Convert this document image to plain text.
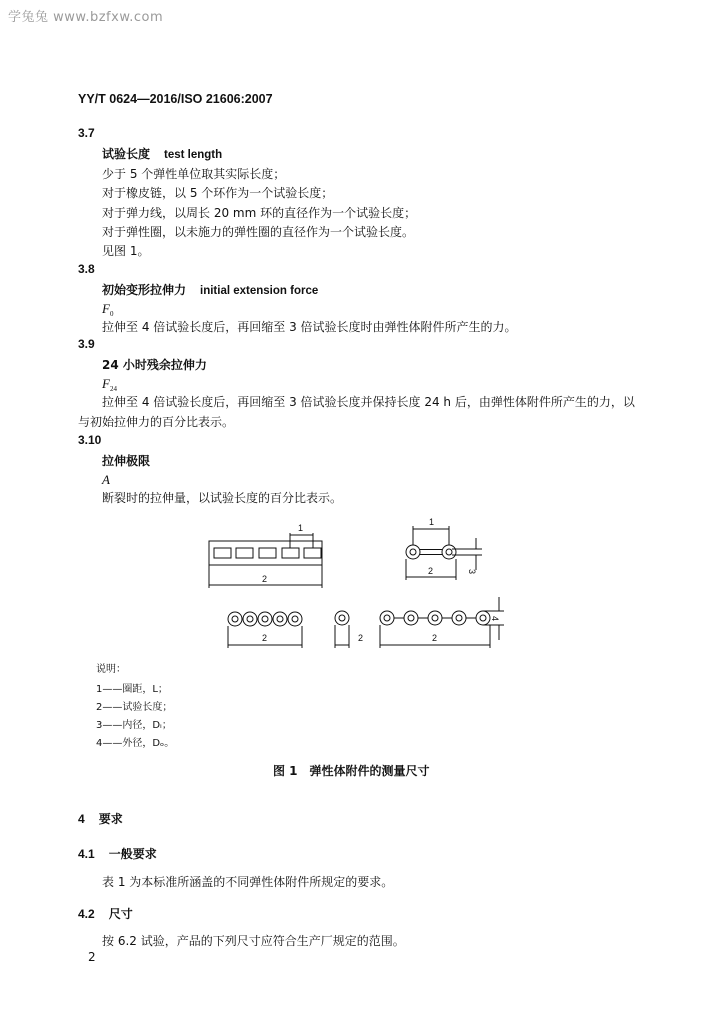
学兔兔 www.bzfxw.com
YY/T 0624—2016/ISO 21606:2007
3.7
试验长度 test length
少于 5 个弹性单位取其实际长度；
对于橡皮链，以 5 个环作为一个试验长度；
对于弹力线，以周长 20 mm 环的直径作为一个试验长度；
对于弹性圈，以未施力的弹性圈的直径作为一个试验长度。
见图 1。
3.8
初始变形拉伸力 initial extension force
F0
拉伸至 4 倍试验长度后，再回缩至 3 倍试验长度时由弹性体附件所产生的力。
3.9
24 小时残余拉伸力
F24
拉伸至 4 倍试验长度后，再回缩至 3 倍试验长度并保持长度 24 h 后，由弹性体附件所产生的力，以
与初始拉伸力的百分比表示。
3.10
拉伸极限
A
断裂时的拉伸量，以试验长度的百分比表示。
1
2
1
2	3
2	2	2
4
说明：
1——圈距，L；
2——试验长度；
3——内径，Dᵢ；
4——外径，Dₒ。
图 1　弹性体附件的测量尺寸
4 要求
4.1 一般要求
表 1 为本标准所涵盖的不同弹性体附件所规定的要求。
4.2 尺寸
按 6.2 试验，产品的下列尺寸应符合生产厂规定的范围。
2
